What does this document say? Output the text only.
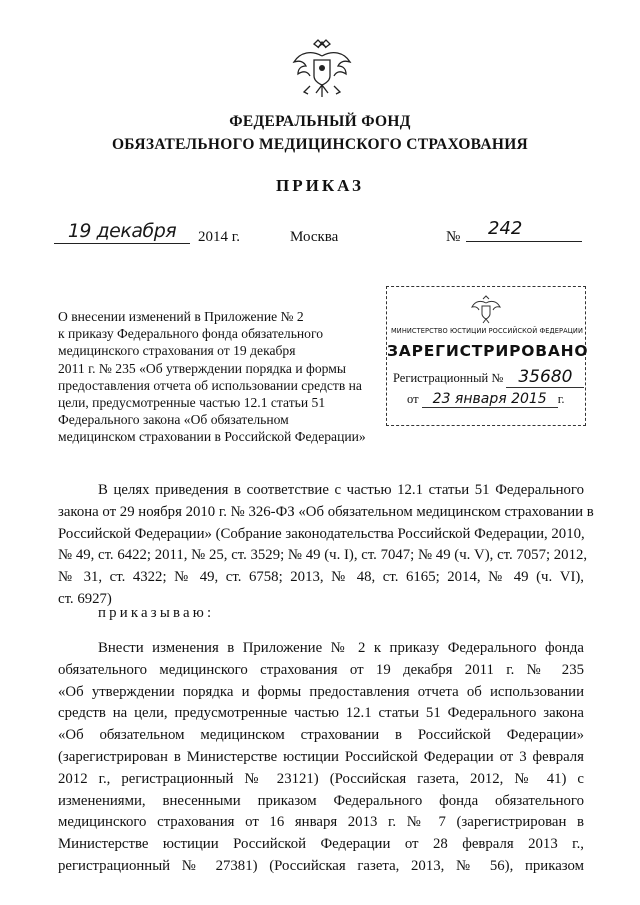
ФЕДЕРАЛЬНЫЙ ФОНД
ОБЯЗАТЕЛЬНОГО МЕДИЦИНСКОГО СТРАХОВАНИЯ
ПРИКАЗ
19 декабря	2014 г.	Москва	№	242
О внесении изменений в Приложение № 2
к приказу Федерального фонда обязательного
медицинского страхования от 19 декабря
2011 г. № 235 «Об утверждении порядка и формы
предоставления отчета об использовании средств на
цели, предусмотренные частью 12.1 статьи 51
Федерального закона «Об обязательном
медицинском страховании в Российской Федерации»
МИНИСТЕРСТВО ЮСТИЦИИ РОССИЙСКОЙ ФЕДЕРАЦИИ
ЗАРЕГИСТРИРОВАНО
Регистрационный № 35680
от 23 января 2015 г.
В целях приведения в соответствие с частью 12.1 статьи 51 Федерального
закона от 29 ноября 2010 г. № 326-ФЗ «Об обязательном медицинском страховании в
Российской Федерации» (Собрание законодательства Российской Федерации, 2010,
№ 49, ст. 6422; 2011, № 25, ст. 3529; № 49 (ч. I), ст. 7047; № 49 (ч. V), ст. 7057; 2012,
№ 31, ст. 4322; № 49, ст. 6758; 2013, № 48, ст. 6165; 2014, № 49 (ч. VI),
ст. 6927)
приказываю:
Внести изменения в Приложение № 2 к приказу Федерального фонда
обязательного медицинского страхования от 19 декабря 2011 г. № 235
«Об утверждении порядка и формы предоставления отчета об использовании
средств на цели, предусмотренные частью 12.1 статьи 51 Федерального закона
«Об обязательном медицинском страховании в Российской Федерации»
(зарегистрирован в Министерстве юстиции Российской Федерации от 3 февраля
2012 г., регистрационный № 23121) (Российская газета, 2012, № 41) с
изменениями, внесенными приказом Федерального фонда обязательного
медицинского страхования от 16 января 2013 г. № 7 (зарегистрирован в
Министерстве юстиции Российской Федерации от 28 февраля 2013 г.,
регистрационный № 27381) (Российская газета, 2013, № 56), приказом
